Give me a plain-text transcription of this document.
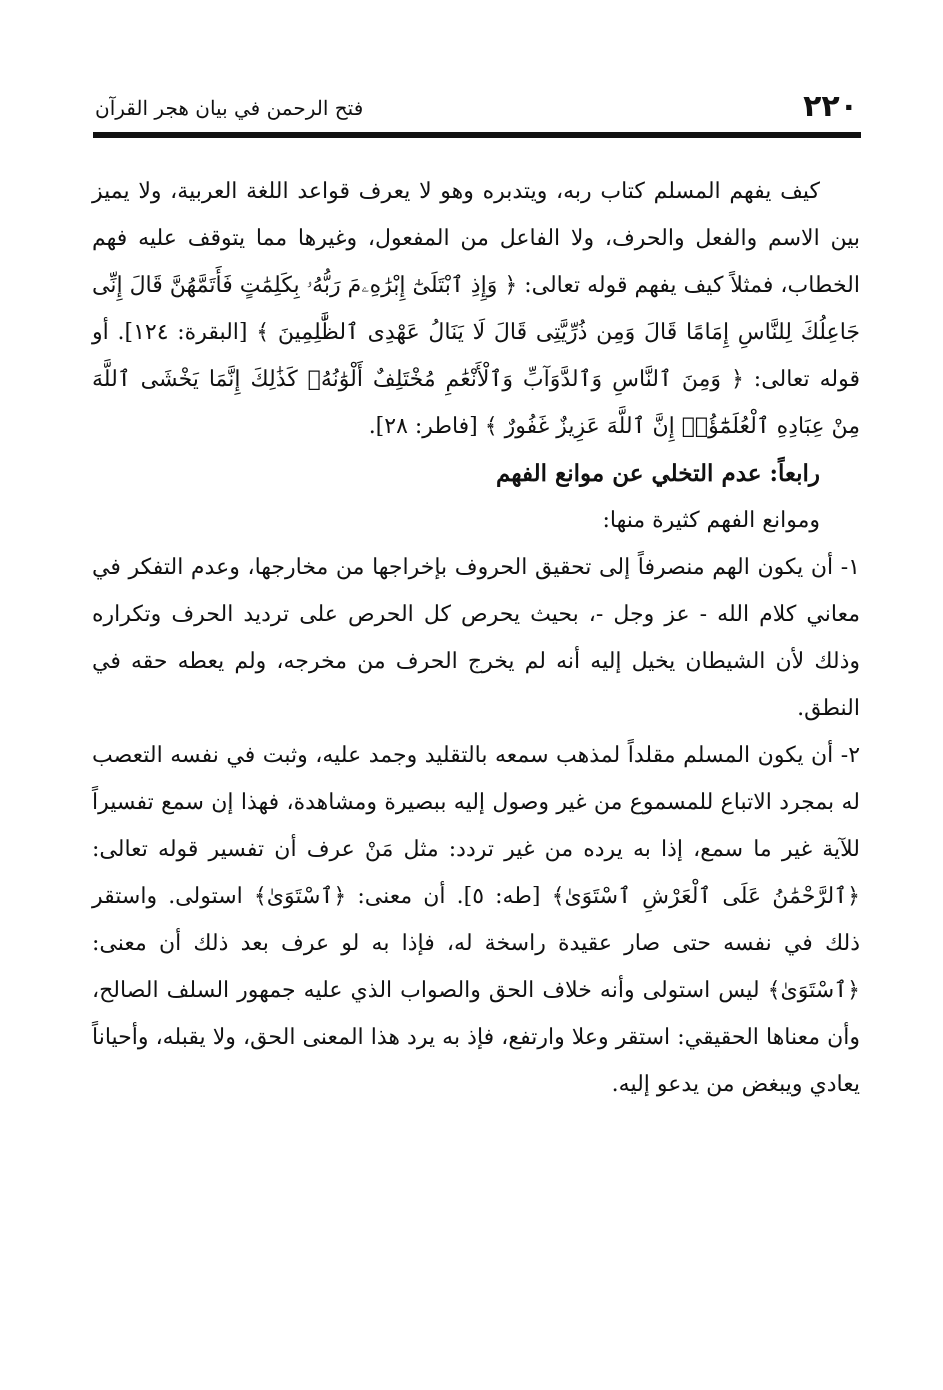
٢٢٠
فتح الرحمن في بيان هجر القرآن

كيف يفهم المسلم كتاب ربه، ويتدبره وهو لا يعرف قواعد اللغة العربية، ولا يميز بين الاسم والفعل والحرف، ولا الفاعل من المفعول، وغيرها مما يتوقف عليه فهم الخطاب، فمثلاً كيف يفهم قوله تعالى: ﴿ وَإِذِ ٱبْتَلَىٰٓ إِبْرَٰهِۦمَ رَبُّهُۥ بِكَلِمَٰتٍ فَأَتَمَّهُنَّ قَالَ إِنِّى جَاعِلُكَ لِلنَّاسِ إِمَامًا قَالَ وَمِن ذُرِّيَّتِى قَالَ لَا يَنَالُ عَهْدِى ٱلظَّٰلِمِينَ ﴾ [البقرة: ١٢٤]. أو قوله تعالى: ﴿ وَمِنَ ٱلنَّاسِ وَٱلدَّوَآبِّ وَٱلْأَنْعَٰمِ مُخْتَلِفٌ أَلْوَٰنُهُۥ كَذَٰلِكَ إِنَّمَا يَخْشَى ٱللَّهَ مِنْ عِبَادِهِ ٱلْعُلَمَٰٓؤُا۟ إِنَّ ٱللَّهَ عَزِيزٌ غَفُورٌ ﴾ [فاطر: ٢٨].

رابعاً: عدم التخلي عن موانع الفهم

وموانع الفهم كثيرة منها:

١- أن يكون الهم منصرفاً إلى تحقيق الحروف بإخراجها من مخارجها، وعدم التفكر في معاني كلام الله - عز وجل -، بحيث يحرص كل الحرص على ترديد الحرف وتكراره وذلك لأن الشيطان يخيل إليه أنه لم يخرج الحرف من مخرجه، ولم يعطه حقه في النطق.

٢- أن يكون المسلم مقلداً لمذهب سمعه بالتقليد وجمد عليه، وثبت في نفسه التعصب له بمجرد الاتباع للمسموع من غير وصول إليه ببصيرة ومشاهدة، فهذا إن سمع تفسيراً للآية غير ما سمع، إذا به يرده من غير تردد: مثل مَنْ عرف أن تفسير قوله تعالى: ﴿ٱلرَّحْمَٰنُ عَلَى ٱلْعَرْشِ ٱسْتَوَىٰ﴾ [طه: ٥]. أن معنى: ﴿ٱسْتَوَىٰ﴾ استولى. واستقر ذلك في نفسه حتى صار عقيدة راسخة له، فإذا به لو عرف بعد ذلك أن معنى: ﴿ٱسْتَوَىٰ﴾ ليس استولى وأنه خلاف الحق والصواب الذي عليه جمهور السلف الصالح، وأن معناها الحقيقي: استقر وعلا وارتفع، فإذ به يرد هذا المعنى الحق، ولا يقبله، وأحياناً يعادي ويبغض من يدعو إليه.
